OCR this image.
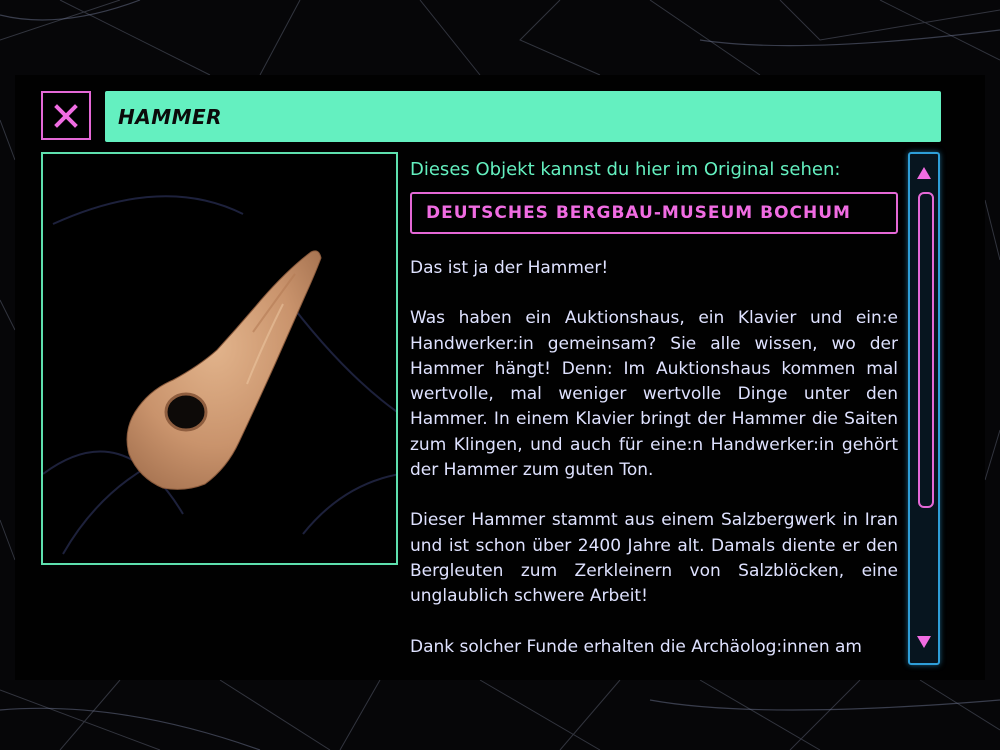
HAMMER
Dieses Objekt kannst du hier im Original sehen:
DEUTSCHES BERGBAU-MUSEUM BOCHUM

Das ist ja der Hammer!

Was haben ein Auktionshaus, ein Klavier und ein:e Handwerker:in gemeinsam? Sie alle wissen, wo der Hammer hängt! Denn: Im Auktionshaus kommen mal wertvolle, mal weniger wertvolle Dinge unter den Hammer. In einem Klavier bringt der Hammer die Saiten zum Klingen, und auch für eine:n Handwerker:in gehört der Hammer zum guten Ton.

Dieser Hammer stammt aus einem Salzbergwerk in Iran und ist schon über 2400 Jahre alt. Damals diente er den Bergleuten zum Zerkleinern von Salzblöcken, eine unglaublich schwere Arbeit!

Dank solcher Funde erhalten die Archäolog:innen am
